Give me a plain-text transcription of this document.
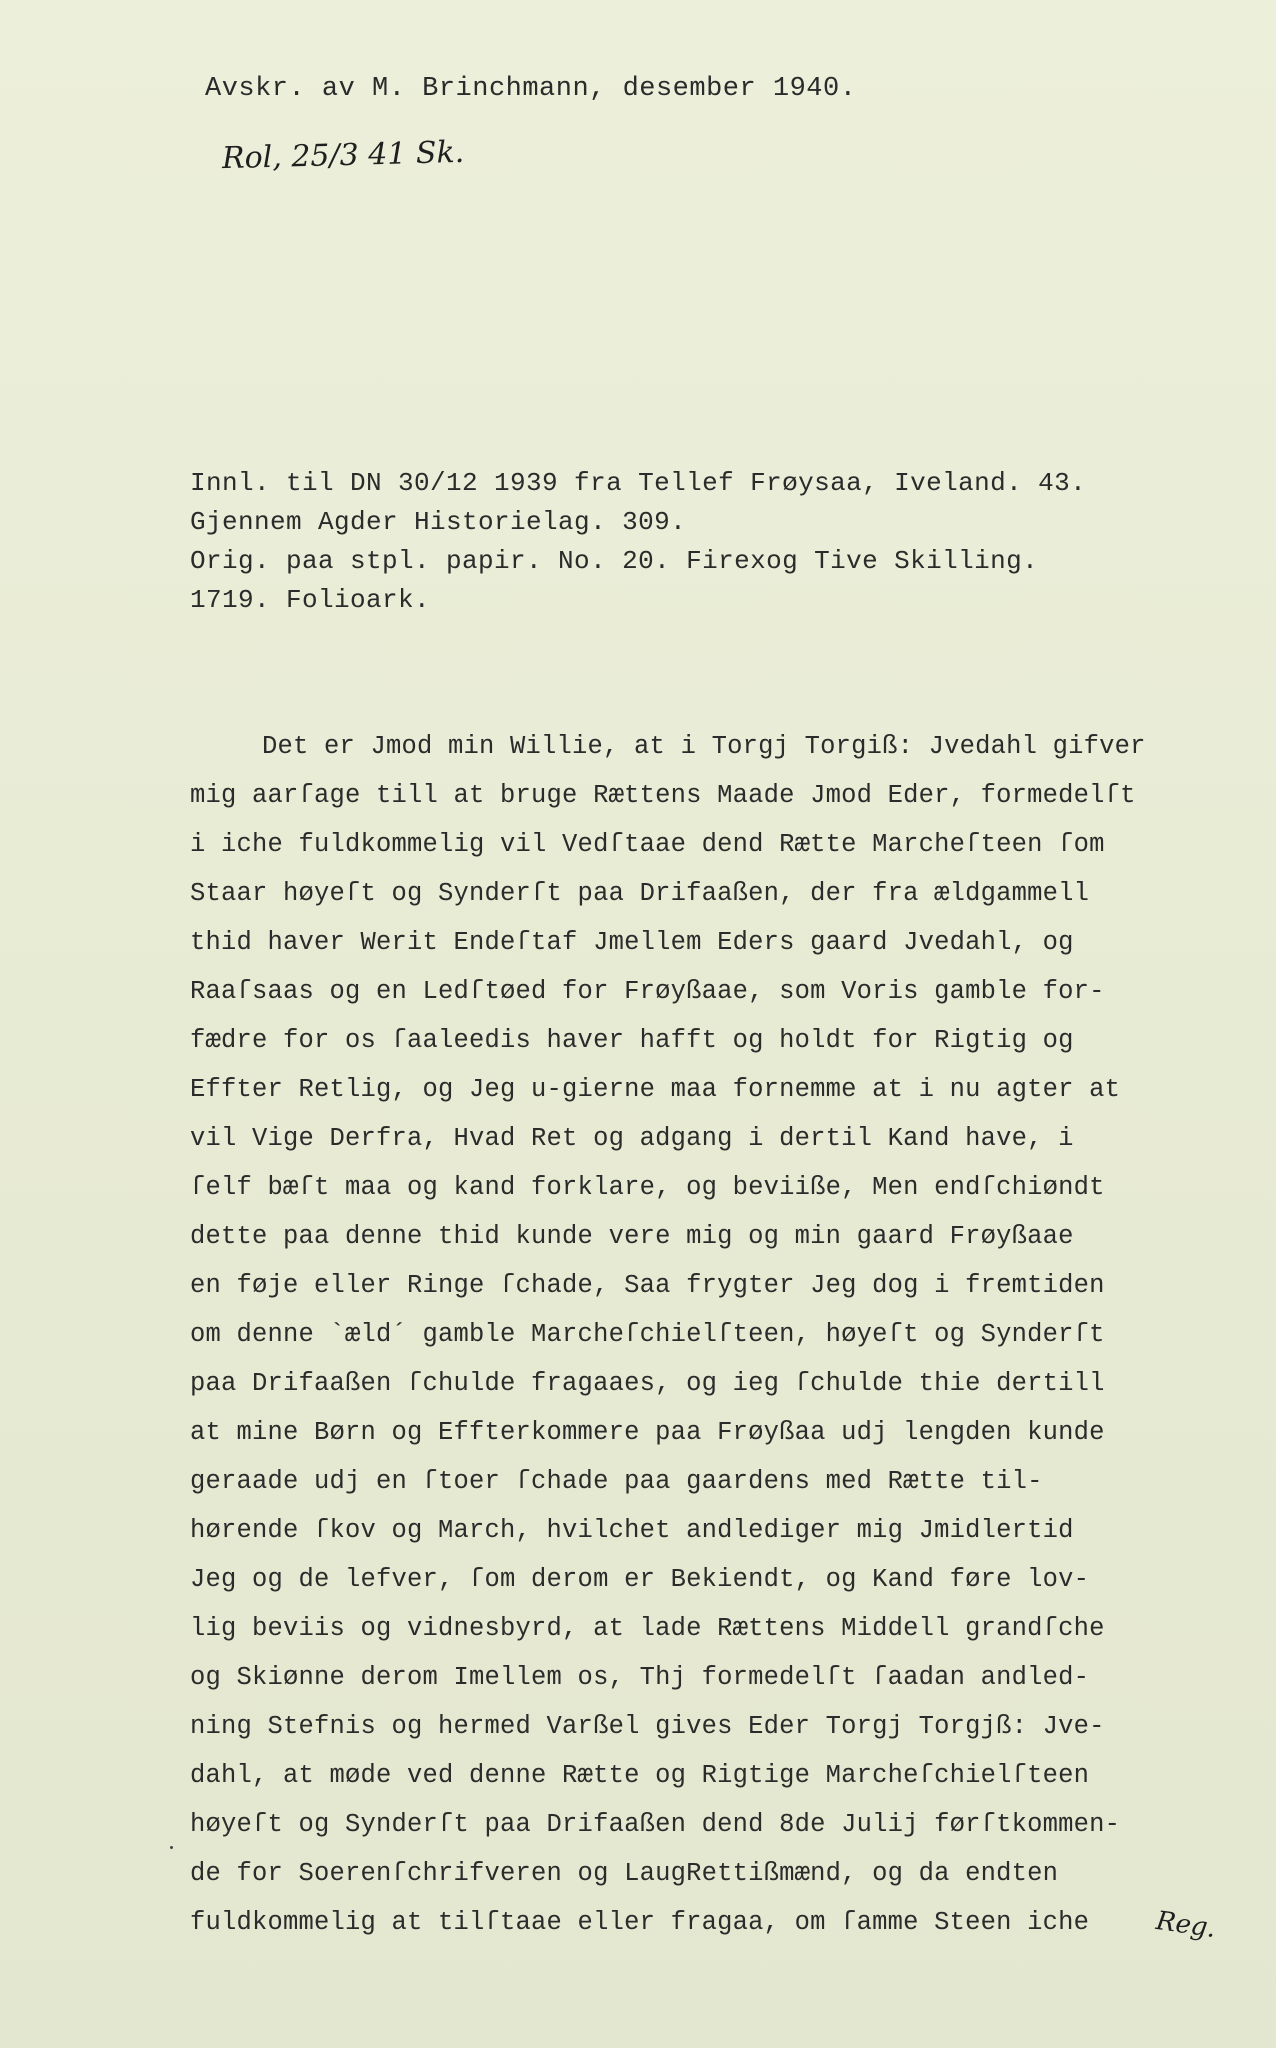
Avskr. av M. Brinchmann, desember 1940.
Rol, 25/3 41 Sk.
Innl. til DN 30/12 1939 fra Tellef Frøysaa, Iveland. 43.
Gjennem Agder Historielag. 309.
Orig. paa stpl. papir. No. 20. Firexog Tive Skilling.
1719. Folioark.
Det er Jmod min Willie, at i Torgj Torgiß: Jvedahl gifver
mig aarſage till at bruge Rættens Maade Jmod Eder, formedelſt
i iche fuldkommelig vil Vedſtaae dend Rætte Marcheſteen ſom
Staar høyeſt og Synderſt paa Drifaaßen, der fra ældgammell
thid haver Werit Endeſtaf Jmellem Eders gaard Jvedahl, og
Raaſsaas og en Ledſtøed for Frøyßaae, som Voris gamble for-
fædre for os ſaaleedis haver hafft og holdt for Rigtig og
Effter Retlig, og Jeg u-gierne maa fornemme at i nu agter at
vil Vige Derfra, Hvad Ret og adgang i dertil Kand have, i
ſelf bæſt maa og kand forklare, og beviiße, Men endſchiøndt
dette paa denne thid kunde vere mig og min gaard Frøyßaae
en føje eller Ringe ſchade, Saa frygter Jeg dog i fremtiden
om denne `æld´ gamble Marcheſchielſteen, høyeſt og Synderſt
paa Drifaaßen ſchulde fragaaes, og ieg ſchulde thie dertill
at mine Børn og Effterkommere paa Frøyßaa udj lengden kunde
geraade udj en ſtoer ſchade paa gaardens med Rætte til-
hørende ſkov og March, hvilchet andlediger mig Jmidlertid
Jeg og de lefver, ſom derom er Bekiendt, og Kand føre lov-
lig beviis og vidnesbyrd, at lade Rættens Middell grandſche
og Skiønne derom Imellem os, Thj formedelſt ſaadan andled-
ning Stefnis og hermed Varßel gives Eder Torgj Torgjß: Jve-
dahl, at møde ved denne Rætte og Rigtige Marcheſchielſteen
høyeſt og Synderſt paa Drifaaßen dend 8de Julij førſtkommen-
de for Soerenſchrifveren og LaugRettißmænd, og da endten
fuldkommelig at tilſtaae eller fragaa, om ſamme Steen iche	Reg.
